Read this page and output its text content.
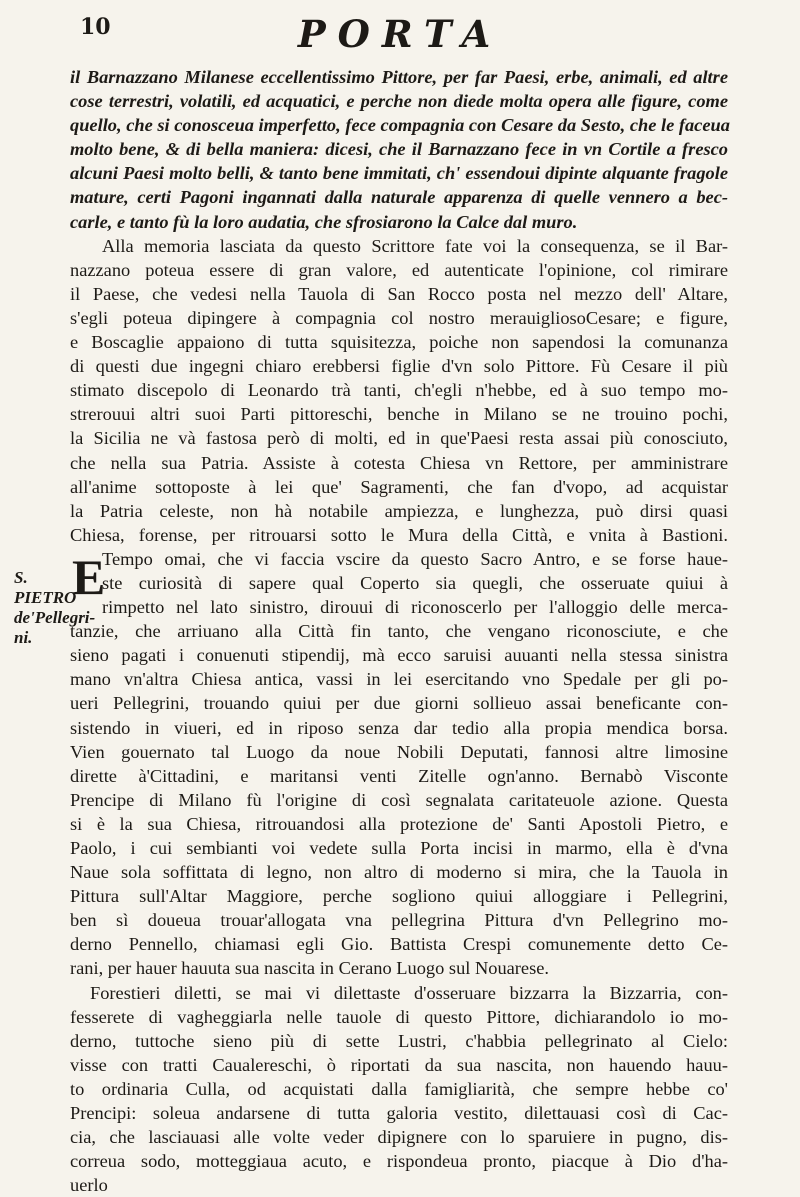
10	PORTA
S. PIETRO
de'Pellegri-
ni.
E
il Barnazzano Milanese eccellentissimo Pittore, per far Paesi, erbe, animali, ed altre
cose terrestri, volatili, ed acquatici, e perche non diede molta opera alle figure, come
quello, che si conosceua imperfetto, fece compagnia con Cesare da Sesto, che le faceua
molto bene, & di bella maniera: dicesi, che il Barnazzano fece in vn Cortile a fresco
alcuni Paesi molto belli, & tanto bene immitati, ch' essendoui dipinte alquante fragole
mature, certi Pagoni ingannati dalla naturale apparenza di quelle vennero a bec-
carle, e tanto fù la loro audatia, che sfrosiarono la Calce dal muro.
Alla memoria lasciata da questo Scrittore fate voi la consequenza, se il Bar-
nazzano poteua essere di gran valore, ed autenticate l'opinione, col rimirare
il Paese, che vedesi nella Tauola di San Rocco posta nel mezzo dell' Altare,
s'egli poteua dipingere à compagnia col nostro merauigliosoCesare; e figure,
e Boscaglie appaiono di tutta squisitezza, poiche non sapendosi la comunanza
di questi due ingegni chiaro erebbersi figlie d'vn solo Pittore. Fù Cesare il più
stimato discepolo di Leonardo trà tanti, ch'egli n'hebbe, ed à suo tempo mo-
strerouui altri suoi Parti pittoreschi, benche in Milano se ne trouino pochi,
la Sicilia ne và fastosa però di molti, ed in que'Paesi resta assai più conosciuto,
che nella sua Patria. Assiste à cotesta Chiesa vn Rettore, per amministrare
all'anime sottoposte à lei que' Sagramenti, che fan d'vopo, ad acquistar
la Patria celeste, non hà notabile ampiezza, e lunghezza, può dirsi quasi
Chiesa, forense, per ritrouarsi sotto le Mura della Città, e vnita à Bastioni.
Tempo omai, che vi faccia vscire da questo Sacro Antro, e se forse haue-
ste curiosità di sapere qual Coperto sia quegli, che osseruate quiui à
rimpetto nel lato sinistro, dirouui di riconoscerlo per l'alloggio delle merca-
tanzie, che arriuano alla Città fin tanto, che vengano riconosciute, e che
sieno pagati i conuenuti stipendij, mà ecco saruisi auuanti nella stessa sinistra
mano vn'altra Chiesa antica, vassi in lei esercitando vno Spedale per gli po-
ueri Pellegrini, trouando quiui per due giorni sollieuo assai beneficante con-
sistendo in viueri, ed in riposo senza dar tedio alla propia mendica borsa.
Vien gouernato tal Luogo da noue Nobili Deputati, fannosi altre limosine
dirette à'Cittadini, e maritansi venti Zitelle ogn'anno. Bernabò Visconte
Prencipe di Milano fù l'origine di così segnalata caritateuole azione. Questa
si è la sua Chiesa, ritrouandosi alla protezione de' Santi Apostoli Pietro, e
Paolo, i cui sembianti voi vedete sulla Porta incisi in marmo, ella è d'vna
Naue sola soffittata di legno, non altro di moderno si mira, che la Tauola in
Pittura sull'Altar Maggiore, perche sogliono quiui alloggiare i Pellegrini,
ben sì doueua trouar'allogata vna pellegrina Pittura d'vn Pellegrino mo-
derno Pennello, chiamasi egli Gio. Battista Crespi comunemente detto Ce-
rani, per hauer hauuta sua nascita in Cerano Luogo sul Nouarese.
Forestieri diletti, se mai vi dilettaste d'osseruare bizzarra la Bizzarria, con-
fesserete di vagheggiarla nelle tauole di questo Pittore, dichiarandolo io mo-
derno, tuttoche sieno più di sette Lustri, c'habbia pellegrinato al Cielo:
visse con tratti Caualereschi, ò riportati da sua nascita, non hauendo hauu-
to ordinaria Culla, od acquistati dalla famigliarità, che sempre hebbe co'
Prencipi: soleua andarsene di tutta galoria vestito, dilettauasi così di Cac-
cia, che lasciauasi alle volte veder dipignere con lo sparuiere in pugno, dis-
correua sodo, motteggiaua acuto, e rispondeua pronto, piacque à Dio d'ha-
uerlo
